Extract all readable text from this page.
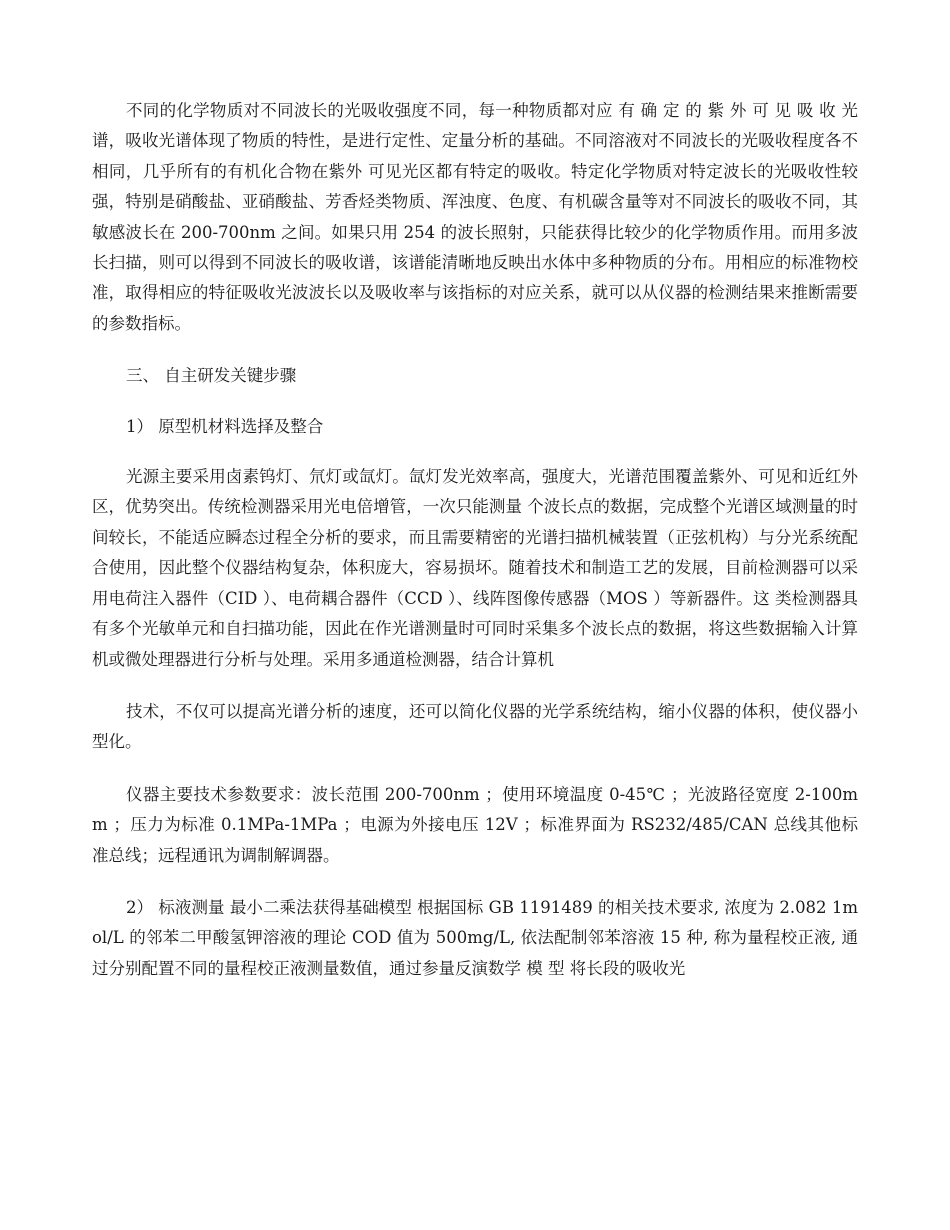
不同的化学物质对不同波长的光吸收强度不同，每一种物质都对应 有 确 定 的 紫 外 可 见 吸 收 光谱，吸收光谱体现了物质的特性，是进行定性、定量分析的基础。不同溶液对不同波长的光吸收程度各不相同，几乎所有的有机化合物在紫外 可见光区都有特定的吸收。特定化学物质对特定波长的光吸收性较强，特别是硝酸盐、亚硝酸盐、芳香烃类物质、浑浊度、色度、有机碳含量等对不同波长的吸收不同，其敏感波长在 200-700nm 之间。如果只用 254 的波长照射，只能获得比较少的化学物质作用。而用多波长扫描，则可以得到不同波长的吸收谱，该谱能清晰地反映出水体中多种物质的分布。用相应的标准物校准，取得相应的特征吸收光波波长以及吸收率与该指标的对应关系，就可以从仪器的检测结果来推断需要的参数指标。

三、 自主研发关键步骤

1） 原型机材料选择及整合

光源主要采用卤素钨灯、氘灯或氙灯。氙灯发光效率高，强度大，光谱范围覆盖紫外、可见和近红外区，优势突出。传统检测器采用光电倍增管，一次只能测量 个波长点的数据，完成整个光谱区域测量的时间较长，不能适应瞬态过程全分析的要求，而且需要精密的光谱扫描机械装置（正弦机构）与分光系统配合使用，因此整个仪器结构复杂，体积庞大，容易损坏。随着技术和制造工艺的发展，目前检测器可以采用电荷注入器件（CID ）、电荷耦合器件（CCD ）、线阵图像传感器（MOS ）等新器件。这 类检测器具有多个光敏单元和自扫描功能，因此在作光谱测量时可同时采集多个波长点的数据，将这些数据输入计算机或微处理器进行分析与处理。采用多通道检测器，结合计算机

技术，不仅可以提高光谱分析的速度，还可以简化仪器的光学系统结构，缩小仪器的体积，使仪器小型化。

仪器主要技术参数要求：波长范围 200-700nm ；使用环境温度 0-45℃ ；光波路径宽度 2-100mm ；压力为标准 0.1MPa-1MPa ；电源为外接电压 12V ；标准界面为 RS232/485/CAN 总线其他标准总线；远程通讯为调制解调器。

2） 标液测量 最小二乘法获得基础模型 根据国标 GB 1191489 的相关技术要求, 浓度为 2.082 1mol/L 的邻苯二甲酸氢钾溶液的理论 COD 值为 500mg/L, 依法配制邻苯溶液 15 种, 称为量程校正液, 通过分别配置不同的量程校正液测量数值，通过参量反演数学 模 型 将长段的吸收光
